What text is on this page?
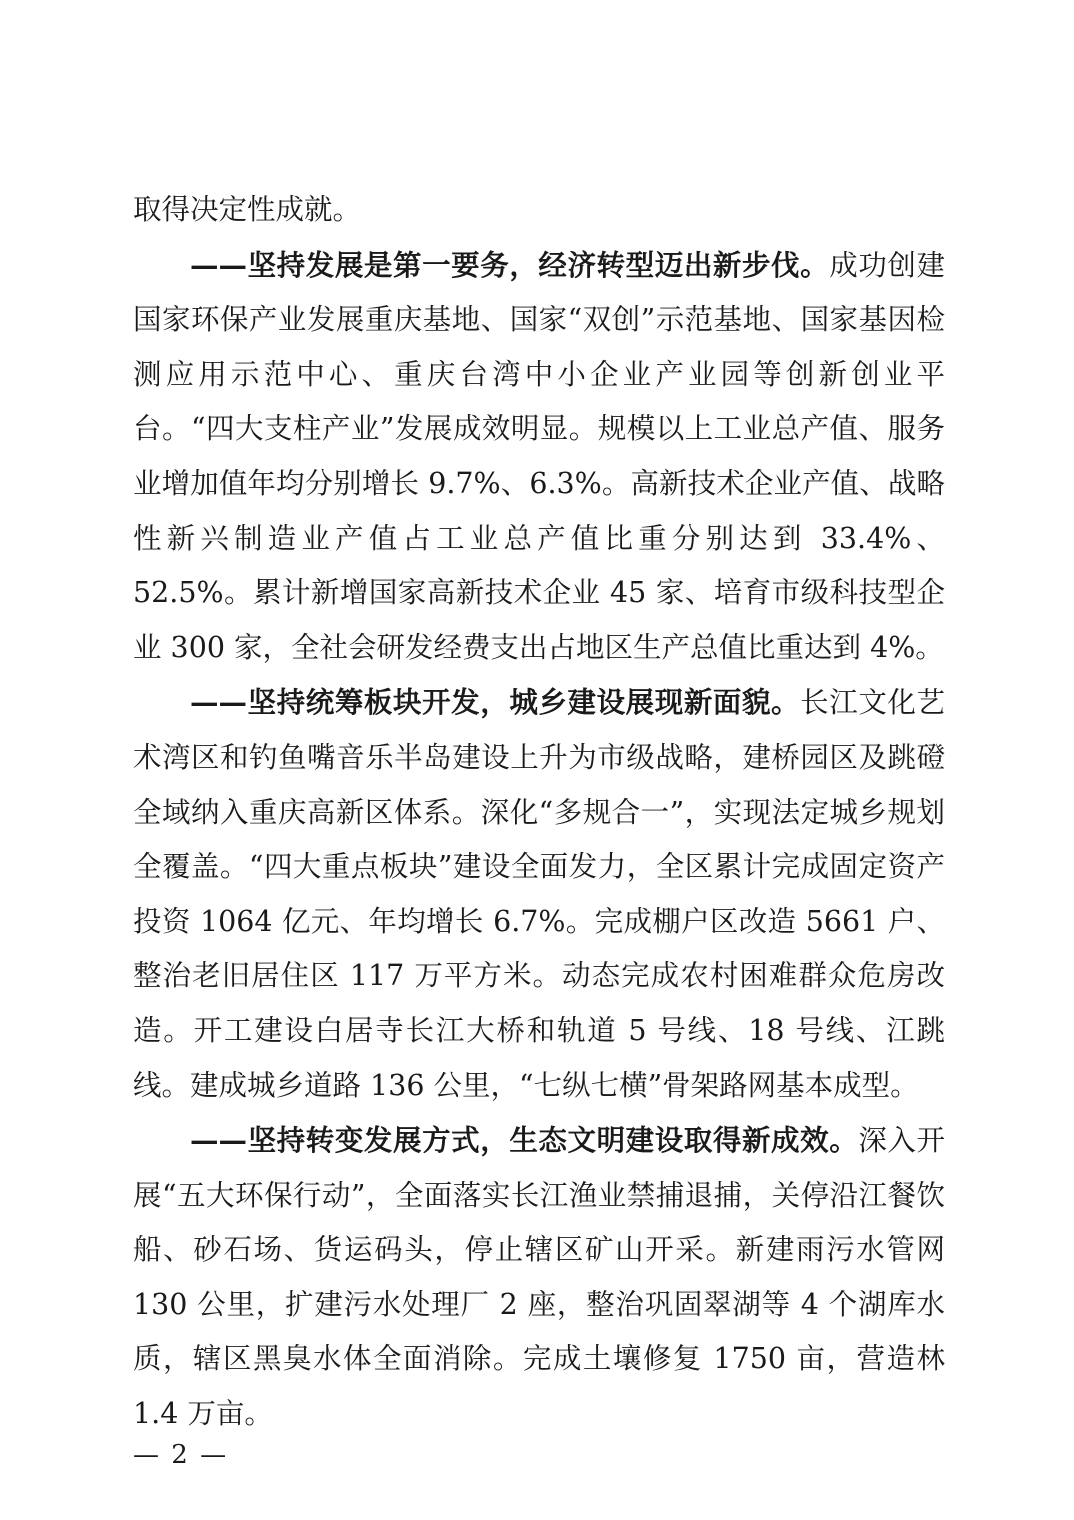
取得决定性成就。

——坚持发展是第一要务，经济转型迈出新步伐。成功创建国家环保产业发展重庆基地、国家“双创”示范基地、国家基因检测应用示范中心、重庆台湾中小企业产业园等创新创业平台。“四大支柱产业”发展成效明显。规模以上工业总产值、服务业增加值年均分别增长 9.7%、6.3%。高新技术企业产值、战略性新兴制造业产值占工业总产值比重分别达到 33.4%、52.5%。累计新增国家高新技术企业 45 家、培育市级科技型企业 300 家，全社会研发经费支出占地区生产总值比重达到 4%。

——坚持统筹板块开发，城乡建设展现新面貌。长江文化艺术湾区和钓鱼嘴音乐半岛建设上升为市级战略，建桥园区及跳磴全域纳入重庆高新区体系。深化“多规合一”，实现法定城乡规划全覆盖。“四大重点板块”建设全面发力，全区累计完成固定资产投资 1064 亿元、年均增长 6.7%。完成棚户区改造 5661 户、整治老旧居住区 117 万平方米。动态完成农村困难群众危房改造。开工建设白居寺长江大桥和轨道 5 号线、18 号线、江跳线。建成城乡道路 136 公里，“七纵七横”骨架路网基本成型。

——坚持转变发展方式，生态文明建设取得新成效。深入开展“五大环保行动”，全面落实长江渔业禁捕退捕，关停沿江餐饮船、砂石场、货运码头，停止辖区矿山开采。新建雨污水管网 130 公里，扩建污水处理厂 2 座，整治巩固翠湖等 4 个湖库水质，辖区黑臭水体全面消除。完成土壤修复 1750 亩，营造林 1.4 万亩。

— 2 —
